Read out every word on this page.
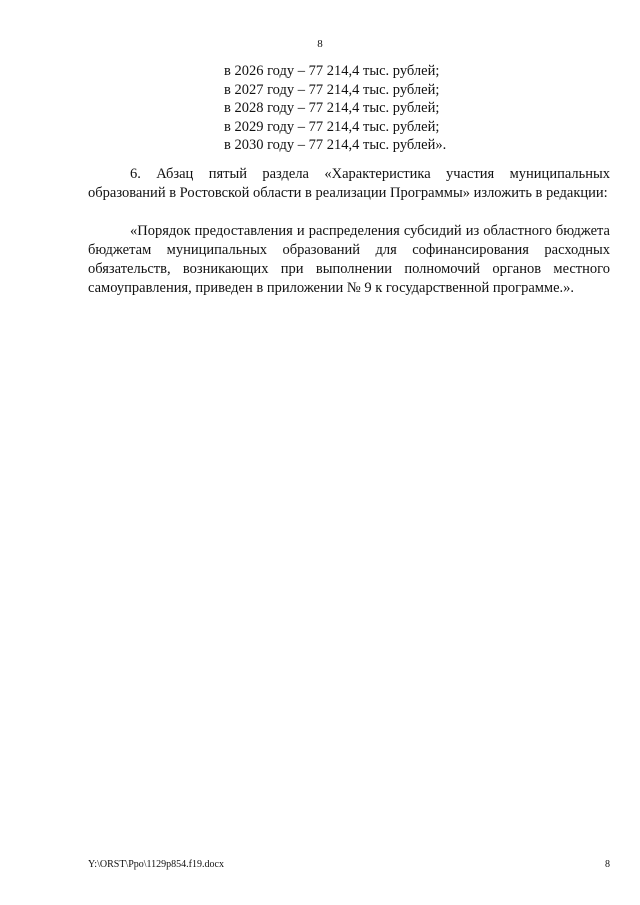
8
в 2026 году – 77 214,4 тыс. рублей;
в 2027 году – 77 214,4 тыс. рублей;
в 2028 году – 77 214,4 тыс. рублей;
в 2029 году – 77 214,4 тыс. рублей;
в 2030 году – 77 214,4 тыс. рублей».

6. Абзац пятый раздела «Характеристика участия муниципальных образований в Ростовской области в реализации Программы» изложить в редакции:

«Порядок предоставления и распределения субсидий из областного бюджета бюджетам муниципальных образований для софинансирования расходных обязательств, возникающих при выполнении полномочий органов местного самоуправления, приведен в приложении № 9 к государственной программе.».

Y:\ORST\Ppo\1129p854.f19.docx	8
